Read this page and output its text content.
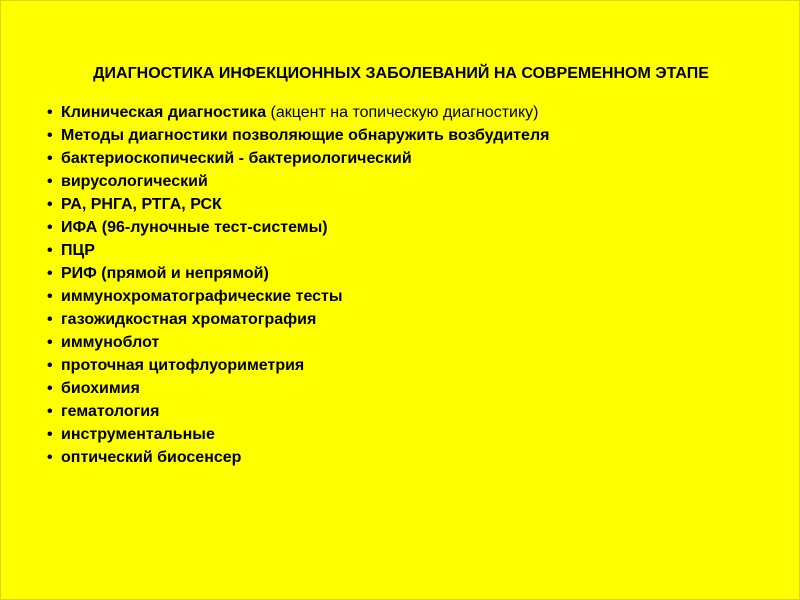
ДИАГНОСТИКА ИНФЕКЦИОННЫХ ЗАБОЛЕВАНИЙ НА СОВРЕМЕННОМ ЭТАПЕ
• Клиническая диагностика (акцент на топическую диагностику)
• Методы диагностики позволяющие обнаружить возбудителя
• бактериоскопический - бактериологический
• вирусологический
• РА, РНГА, РТГА, РСК
• ИФА (96-луночные тест-системы)
• ПЦР
• РИФ (прямой и непрямой)
• иммунохроматографические тесты
• газожидкостная хроматография
• иммуноблот
• проточная цитофлуориметрия
• биохимия
• гематология
• инструментальные
• оптический биосенсер
